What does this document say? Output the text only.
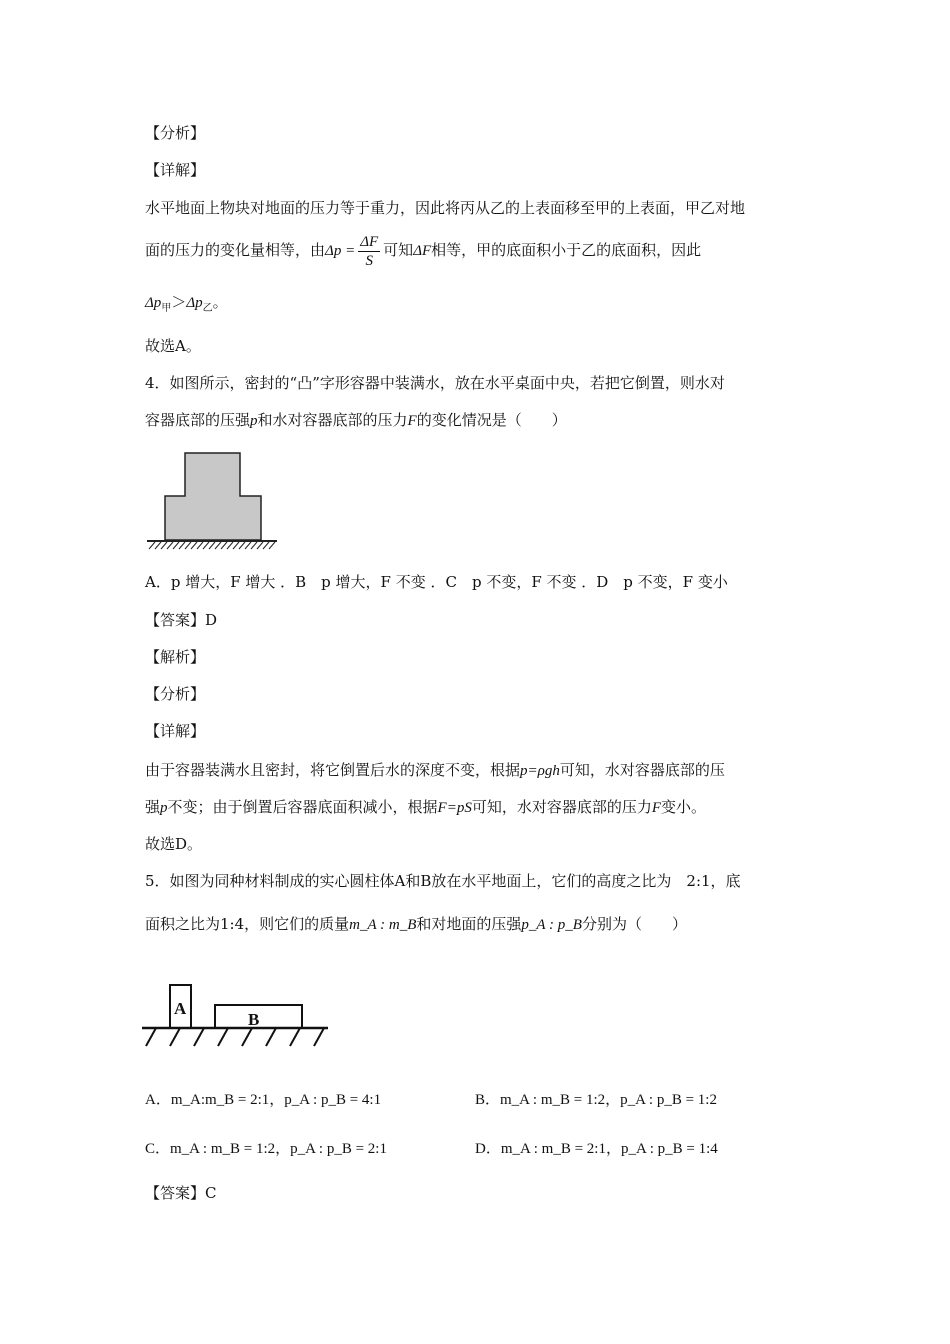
【分析】
【详解】
水平地面上物块对地面的压力等于重力，因此将丙从乙的上表面移至甲的上表面，甲乙对地
面的压力的变化量相等，由$\Delta p = \frac{\Delta F}{S}$ 可知ΔF相等，甲的底面积小于乙的底面积，因此
$\Delta p_甲>\Delta p_乙$。
故选A。
4．如图所示，密封的“凸”字形容器中装满水，放在水平桌面中央，若把它倒置，则水对
容器底部的压强p和水对容器底部的压力F的变化情况是（　　）
A．p 增大，F 增大 ．B　p 增大，F 不变 ．C　p 不变，F 不变 ．D　p 不变，F 变小
【答案】D
【解析】
【分析】
【详解】
由于容器装满水且密封，将它倒置后水的深度不变，根据p=ρgh可知，水对容器底部的压
强p不变；由于倒置后容器底面积减小，根据F=pS可知，水对容器底部的压力F变小。
故选D。
5．如图为同种材料制成的实心圆柱体A和B放在水平地面上，它们的高度之比为　2:1，底
面积之比为1:4，则它们的质量m_A : m_B和对地面的压强p_A : p_B分别为（　　）
A
B
A．m_A:m_B = 2:1，p_A : p_B = 4:1	B．m_A : m_B = 1:2，p_A : p_B = 1:2
C．m_A : m_B = 1:2，p_A : p_B = 2:1	D．m_A : m_B = 2:1，p_A : p_B = 1:4
【答案】C
